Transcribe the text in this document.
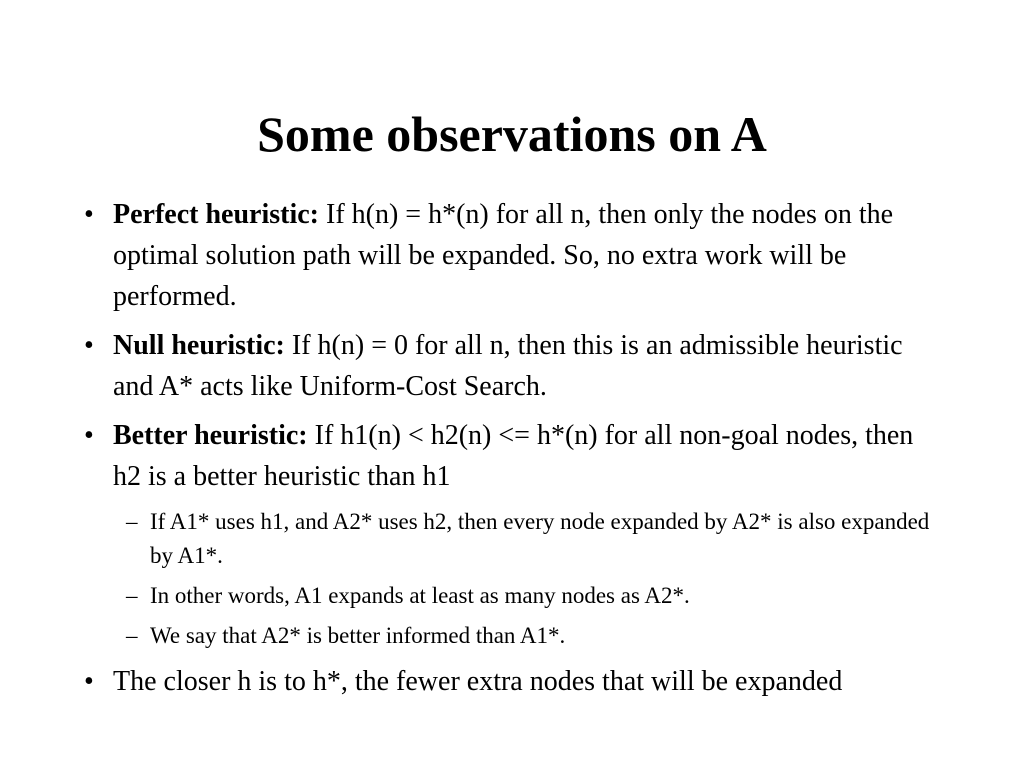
Some observations on A
• Perfect heuristic: If h(n) = h*(n) for all n, then only the nodes on the optimal solution path will be expanded. So, no extra work will be performed.
• Null heuristic: If h(n) = 0 for all n, then this is an admissible heuristic and A* acts like Uniform-Cost Search.
• Better heuristic: If h1(n) < h2(n) <= h*(n) for all non-goal nodes, then h2 is a better heuristic than h1
– If A1* uses h1, and A2* uses h2, then every node expanded by A2* is also expanded by A1*.
– In other words, A1 expands at least as many nodes as A2*.
– We say that A2* is better informed than A1*.
• The closer h is to h*, the fewer extra nodes that will be expanded
